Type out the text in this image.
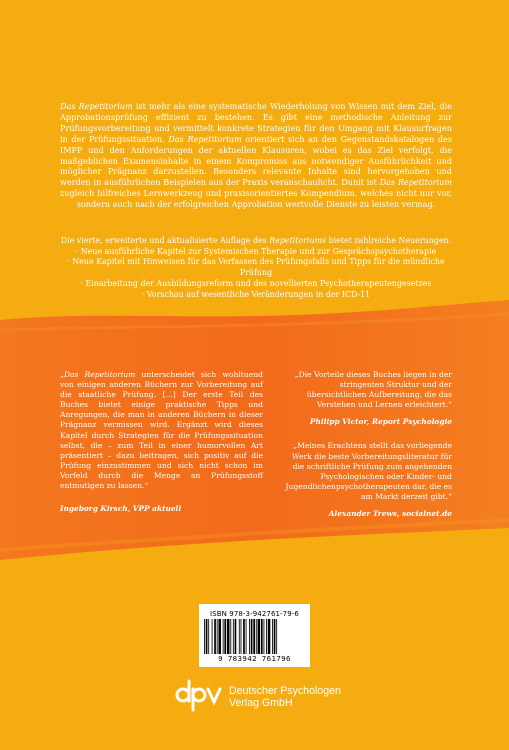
Das Repetitorium ist mehr als eine systematische Wiederholung von Wissen mit dem Ziel, die Approbationsprüfung effizient zu bestehen. Es gibt eine methodische Anleitung zur Prüfungsvorbereitung und vermittelt konkrete Strategien für den Umgang mit Klausurfragen in der Prüfungssituation. Das Repetitorium orientiert sich an den Gegenstandskatalogen des IMPP und den Anforderungen der aktuellen Klausuren, wobei es das Ziel verfolgt, die maßgeblichen Examensinhalte in einem Kompromiss aus notwendiger Ausführlichkeit und möglicher Prägnanz darzustellen. Besonders relevante Inhalte sind hervorgehoben und werden in ausführlichen Beispielen aus der Praxis veranschaulicht. Dunit ist Das Repetitorium zugleich hilfreiches Lernwerkzeug und praxisorientiertes Kompendium, welches nicht nur vor, sondern auch nach der erfolgreichen Approbation wertvolle Dienste zu leisten vermag.

Die vierte, erweiterte und aktualisierte Auflage des Repetitoriums bietet zahlreiche Neuerungen:

· Neue ausführliche Kapitel zur Systemischen Therapie und zur Gesprächspsychotherapie
· Neue Kapitel mit Hinweisen für das Verfassen des Prüfungsfalls und Tipps für die mündliche Prüfung
· Einarbeitung der Ausbildungsreform und des novellierten Psychotherapeutengesetzes
· Vorschau auf wesentliche Veränderungen in der ICD-11
„Das Repetitorium unterscheidet sich wohltuend von einigen anderen Büchern zur Vorbereitung auf die staatliche Prüfung. [...] Der erste Teil des Buches bietet einige praktische Tipps und Anregungen, die man in anderen Büchern in dieser Prägnanz vermissen wird. Ergänzt wird dieses Kapitel durch Strategien für die Prüfungssituation selbst, die – zum Teil in einer humorvollen Art präsentiert – dazu beitragen, sich positiv auf die Prüfung einzustimmen und sich nicht schon im Vorfeld durch die Menge an Prüfungsstoff entmutigen zu lassen.“
Ingeborg Kirsch, VPP aktuell
„Die Vorteile dieses Buches liegen in der stringenten Struktur und der übersichtlichen Aufbereitung, die das Verstehen und Lernen erleichtert.“
Philipp Victor, Report Psychologie
„Meines Erachtens stellt das vorliegende Werk die beste Vorbereitungsliteratur für die schriftliche Prüfung zum angehenden Psychologischen oder Kinder- und Jugendlichenpsychotherapeuten dar, die es am Markt derzeit gibt.“
Alexander Trews, socialnet.de
ISBN 978-3-942761-79-6
9 783942 761796
Deutscher Psychologen
Verlag GmbH
